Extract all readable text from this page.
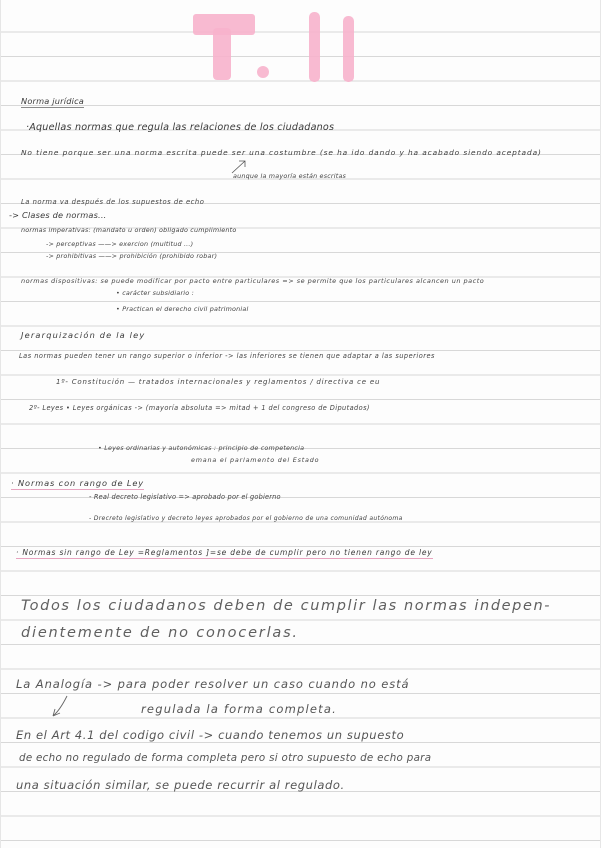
Norma jurídica
·Aquellas normas que regula las relaciones de los ciudadanos
No tiene porque ser una norma escrita puede ser una costumbre (se ha ido dando y ha acabado siendo aceptada)
aunque la mayoría están escritas
La norma va después de los supuestos de echo
-> Clases de normas...
normas imperativas: (mandato u orden) obligado cumplimiento
-> perceptivas ——> exercion (multitud ...)
-> prohibitivas ——> prohibición (prohibido robar)
normas dispositivas: se puede modificar por pacto entre particulares => se permite que los particulares alcancen un pacto
• carácter subsidiario :
• Practican el derecho civil patrimonial
Jerarquización de la ley
Las normas pueden tener un rango superior o inferior -> las inferiores se tienen que adaptar a las superiores
1º- Constitución — tratados internacionales y reglamentos / directiva ce eu
2º- Leyes • Leyes orgánicas -> (mayoría absoluta => mitad + 1 del congreso de Diputados)
• Leyes ordinarias y autonómicas : principio de competencia
emana el parlamento del Estado
· Normas con rango de Ley
- Real decreto legislativo => aprobado por el gobierno
- Drecreto legislativo y decreto leyes aprobados por el gobierno de una comunidad autónoma
· Normas sin rango de Ley =Reglamentos ]=se debe de cumplir pero no tienen rango de ley
Todos los ciudadanos deben de cumplir las normas indepen-
dientemente de no conocerlas.
La Analogía -> para poder resolver un caso cuando no está
regulada la forma completa.
En el Art 4.1 del codigo civil -> cuando tenemos un supuesto
de echo no regulado de forma completa pero si otro supuesto de echo para
una situación similar, se puede recurrir al regulado.
